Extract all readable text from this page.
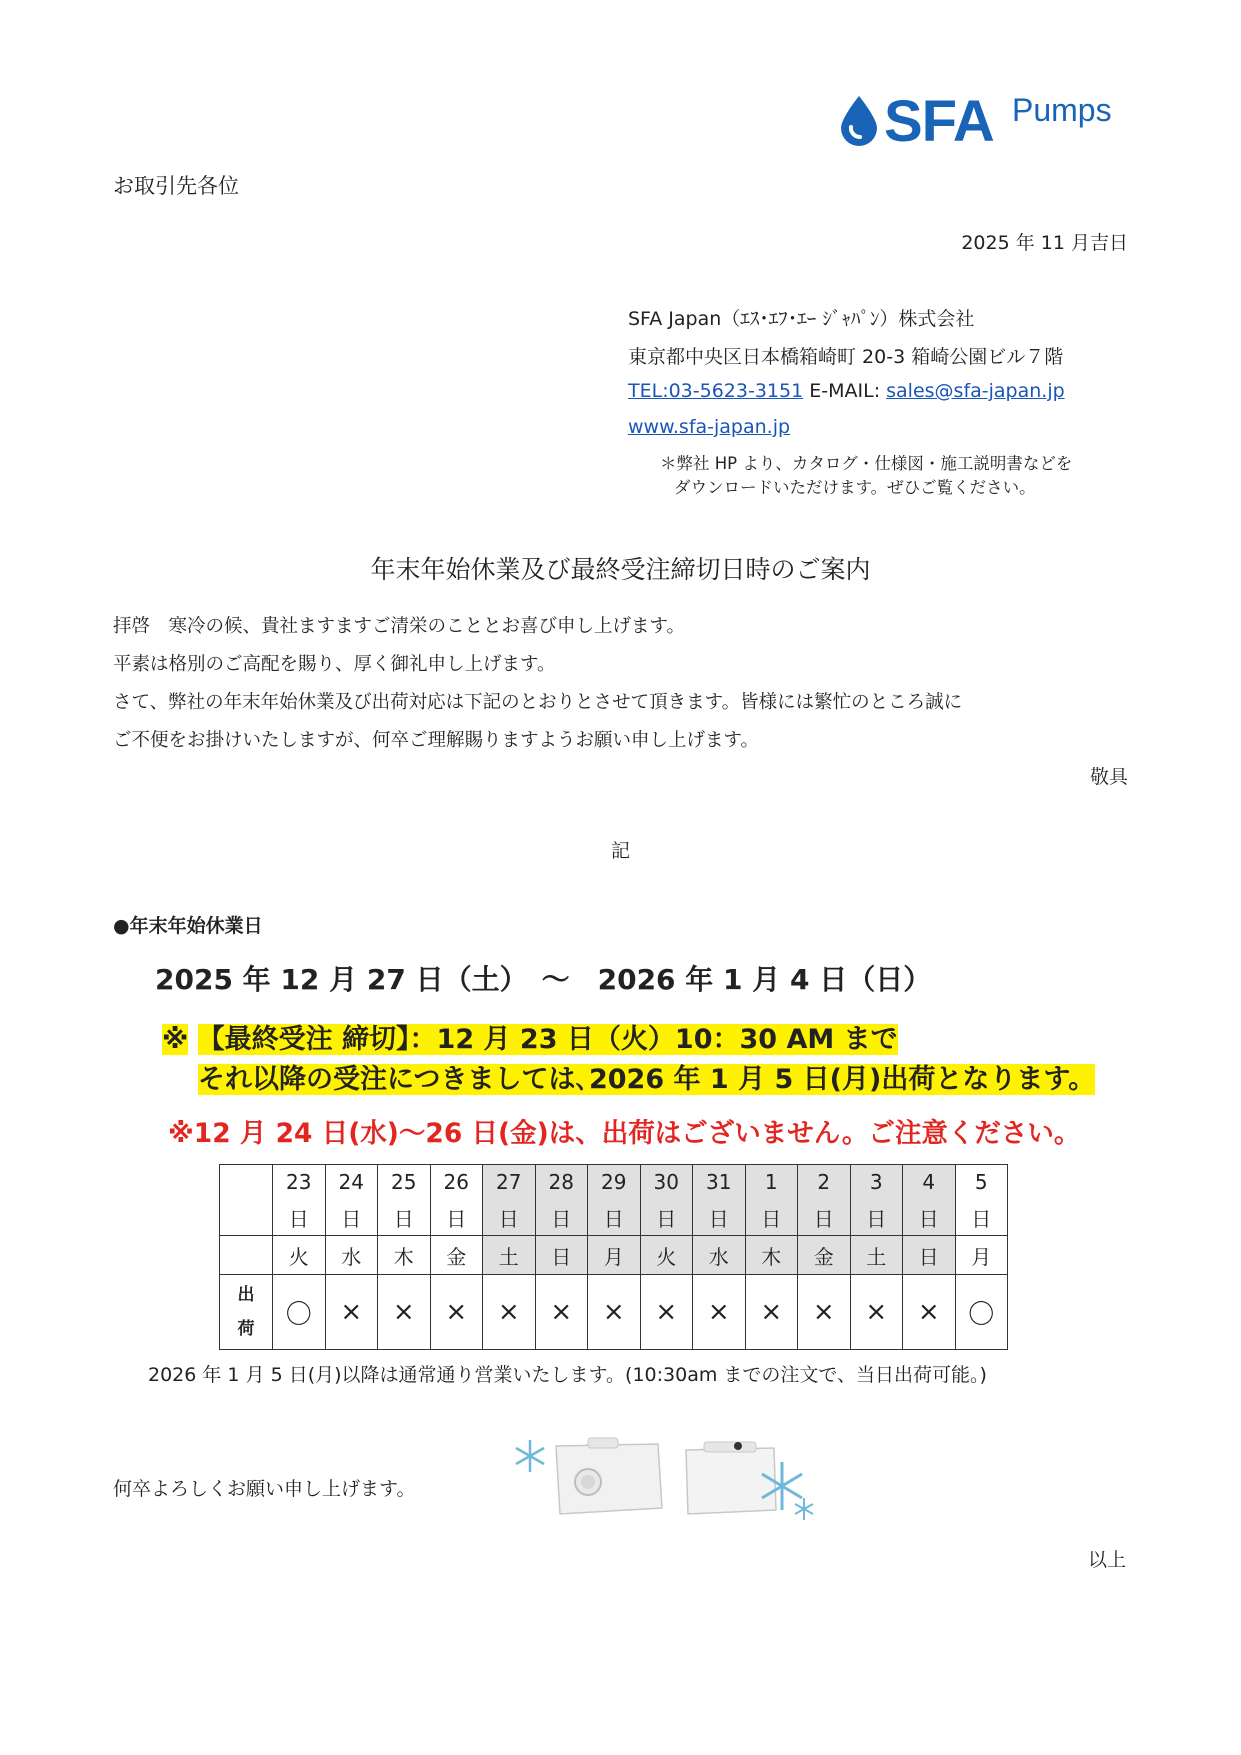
SFA Pumps
お取引先各位
2025 年 11 月吉日
SFA Japan（ｴｽ･ｴﾌ･ｴｰ ｼﾞｬﾊﾟﾝ）株式会社
東京都中央区日本橋箱崎町 20-3 箱崎公園ビル７階
TEL:03-5623-3151 E-MAIL: sales@sfa-japan.jp
www.sfa-japan.jp
＊弊社 HP より、カタログ・仕様図・施工説明書などを
ダウンロードいただけます。ぜひご覧ください。
年末年始休業及び最終受注締切日時のご案内
拝啓　寒冷の候、貴社ますますご清栄のこととお喜び申し上げます。
平素は格別のご高配を賜り、厚く御礼申し上げます。
さて、弊社の年末年始休業及び出荷対応は下記のとおりとさせて頂きます。皆様には繁忙のところ誠に
ご不便をお掛けいたしますが、何卒ご理解賜りますようお願い申し上げます。
敬具
記
●年末年始休業日
2025 年 12 月 27 日（土）　～　2026 年 1 月 4 日（日）
※ 【最終受注 締切】：12 月 23 日（火）10：30 AM まで
それ以降の受注につきましては､2026 年 1 月 5 日(月)出荷となります。
※12 月 24 日(水)～26 日(金)は、出荷はございません。ご注意ください。
	23	24	25	26	27	28	29	30	31	1	2	3	4	5
	日	日	日	日	日	日	日	日	日	日	日	日	日	日
	火	水	木	金	土	日	月	火	水	木	金	土	日	月

出
荷	〇	×	×	×	×	×	×	×	×	×	×	×	×	〇
2026 年 1 月 5 日(月)以降は通常通り営業いたします。(10:30am までの注文で、当日出荷可能。)
何卒よろしくお願い申し上げます。
以上
